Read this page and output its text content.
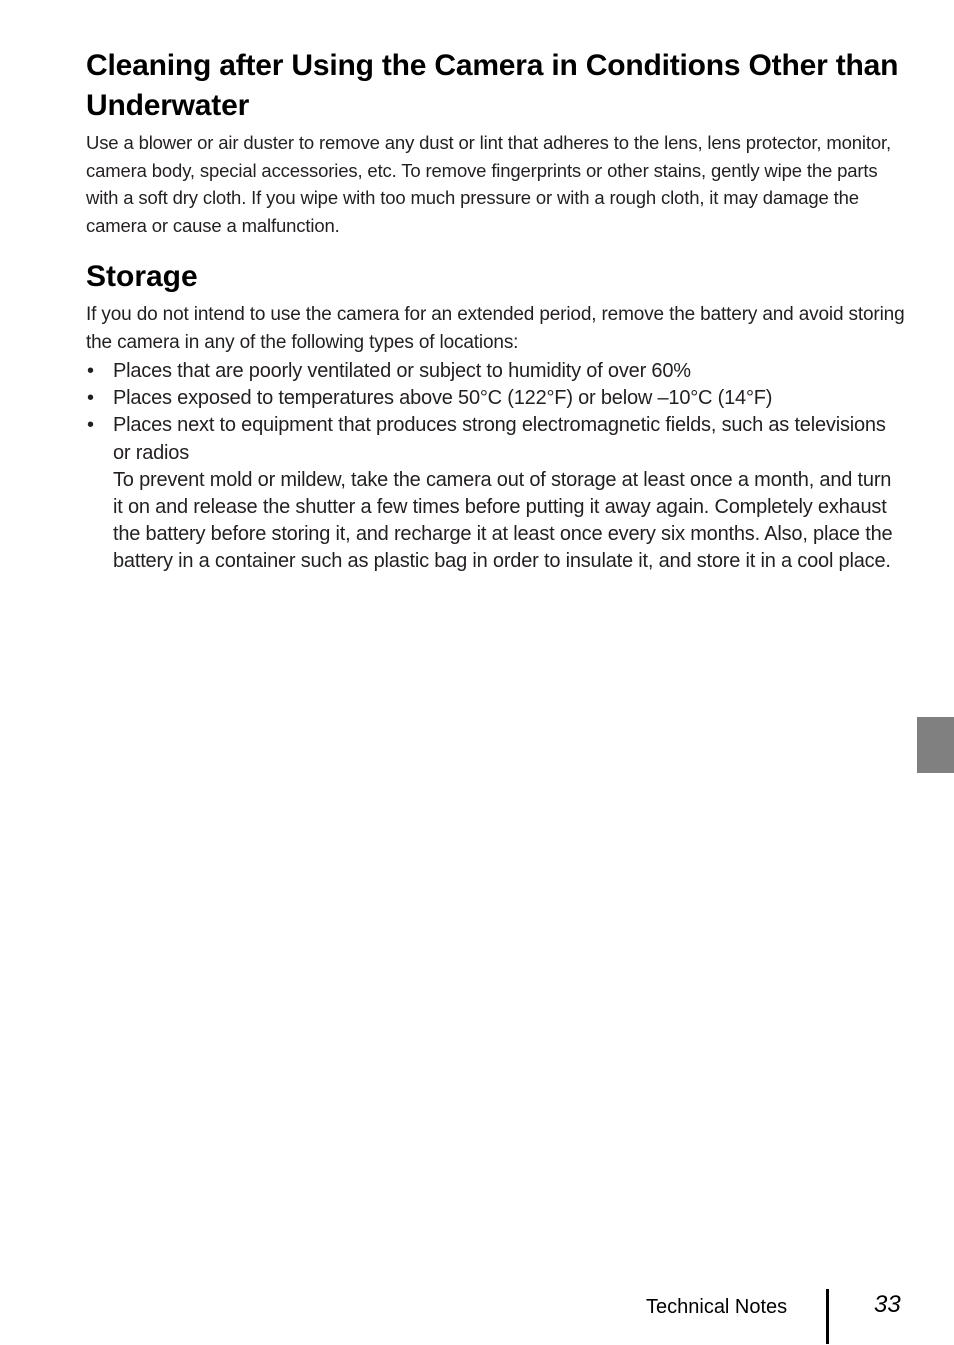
Cleaning after Using the Camera in Conditions Other than Underwater

Use a blower or air duster to remove any dust or lint that adheres to the lens, lens protector, monitor, camera body, special accessories, etc. To remove fingerprints or other stains, gently wipe the parts with a soft dry cloth. If you wipe with too much pressure or with a rough cloth, it may damage the camera or cause a malfunction.

Storage

If you do not intend to use the camera for an extended period, remove the battery and avoid storing the camera in any of the following types of locations:

• Places that are poorly ventilated or subject to humidity of over 60%
• Places exposed to temperatures above 50°C (122°F) or below –10°C (14°F)
• Places next to equipment that produces strong electromagnetic fields, such as televisions or radios
To prevent mold or mildew, take the camera out of storage at least once a month, and turn it on and release the shutter a few times before putting it away again. Completely exhaust the battery before storing it, and recharge it at least once every six months. Also, place the battery in a container such as plastic bag in order to insulate it, and store it in a cool place.
Technical Notes	33
